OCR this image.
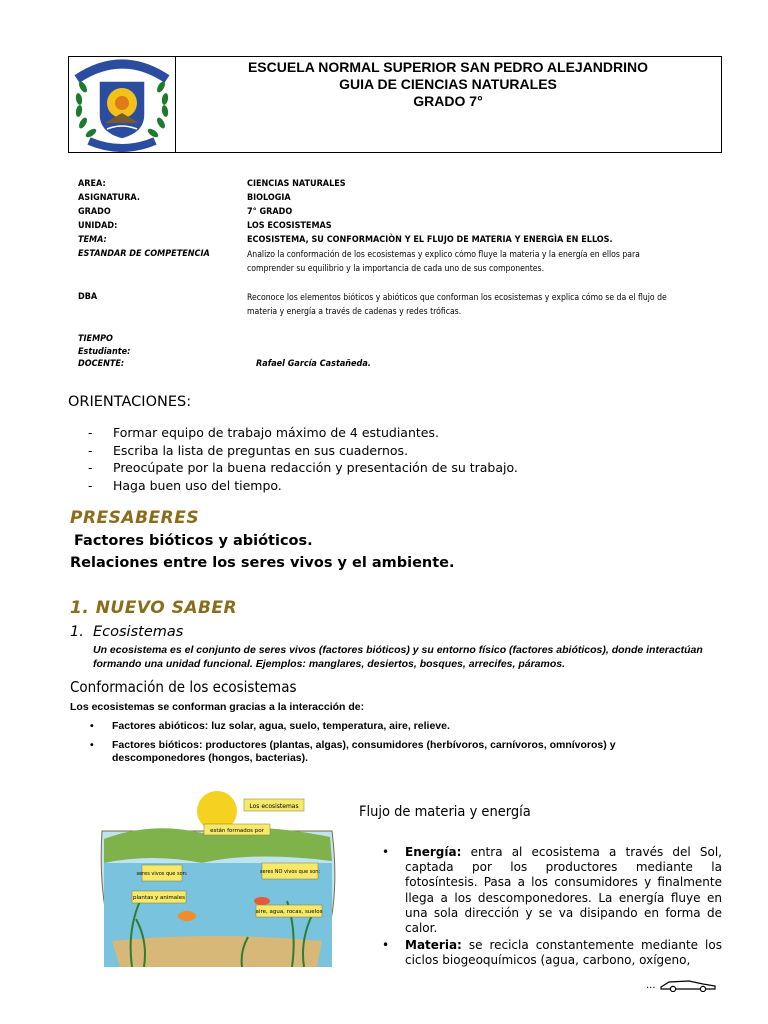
ESCUELA NORMAL SUPERIOR SAN PEDRO ALEJANDRINO
GUIA DE CIENCIAS NATURALES
GRADO 7°
AREA:	CIENCIAS NATURALES
ASIGNATURA.	BIOLOGIA
GRADO	7° GRADO
UNIDAD:	LOS ECOSISTEMAS
TEMA:	ECOSISTEMA, SU CONFORMACIÒN Y EL FLUJO DE MATERIA Y ENERGÌA EN ELLOS.
ESTANDAR DE COMPETENCIA	Analizo la conformación de los ecosistemas y explico cómo fluye la materia y la energía en ellos para comprender su equilibrio y la importancia de cada uno de sus componentes.
DBA	Reconoce los elementos bióticos y abióticos que conforman los ecosistemas y explica cómo se da el flujo de materia y energía a través de cadenas y redes tróficas.
TIEMPO
Estudiante:
DOCENTE:	Rafael García Castañeda.
ORIENTACIONES:
- Formar equipo de trabajo máximo de 4 estudiantes.
- Escriba la lista de preguntas en sus cuadernos.
- Preocúpate por la buena redacción y presentación de su trabajo.
- Haga buen uso del tiempo.
PRESABERES
Factores bióticos y abióticos.
Relaciones entre los seres vivos y el ambiente.
1. NUEVO SABER
1. Ecosistemas
Un ecosistema es el conjunto de seres vivos (factores bióticos) y su entorno físico (factores abióticos), donde interactúan formando una unidad funcional. Ejemplos: manglares, desiertos, bosques, arrecifes, páramos.
Conformación de los ecosistemas
Los ecosistemas se conforman gracias a la interacción de:
• Factores abióticos: luz solar, agua, suelo, temperatura, aire, relieve.
• Factores bióticos: productores (plantas, algas), consumidores (herbívoros, carnívoros, omnívoros) y descomponedores (hongos, bacterias).
Los ecosistemas
están formados por
seres vivos que son:	seres NO vivos que son:
plantas y animales
aire, agua, rocas, suelos
Flujo de materia y energía
• Energía: entra al ecosistema a través del Sol, captada por los productores mediante la fotosíntesis. Pasa a los consumidores y finalmente llega a los descomponedores. La energía fluye en una sola dirección y se va disipando en forma de calor.
• Materia: se recicla constantemente mediante los ciclos biogeoquímicos (agua, carbono, oxígeno,
...
